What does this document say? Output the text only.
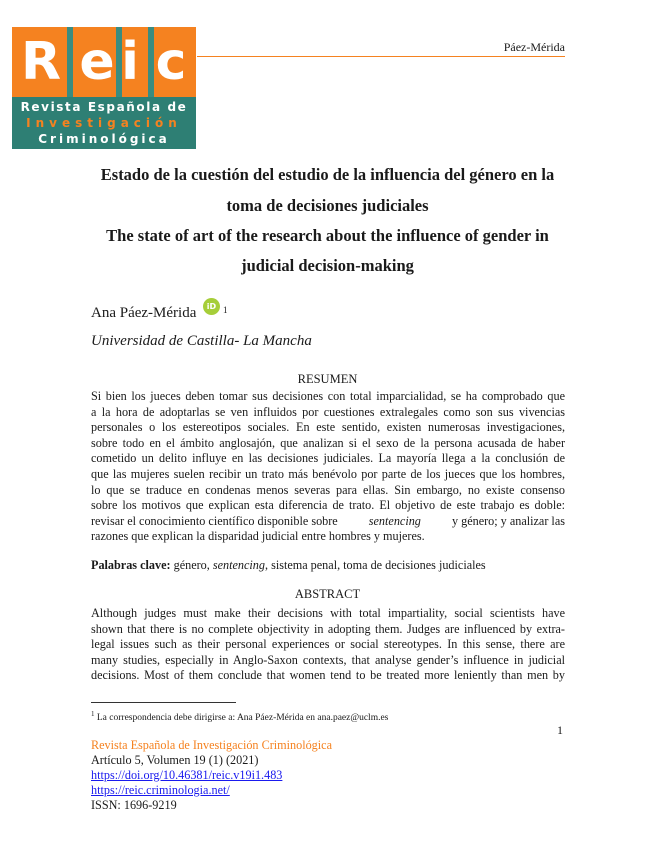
R e i c
Revista Española de
Investigación
Criminológica
Páez-Mérida
Estado de la cuestión del estudio de la influencia del género en la
toma de decisiones judiciales
The state of art of the research about the influence of gender in
judicial decision-making
Ana Páez-Mérida	iD 1
Universidad de Castilla- La Mancha
RESUMEN
Si bien los jueces deben tomar sus decisiones con total imparcialidad, se ha comprobado que
a la hora de adoptarlas se ven influidos por cuestiones extralegales como son sus vivencias
personales o los estereotipos sociales. En este sentido, existen numerosas investigaciones,
sobre todo en el ámbito anglosajón, que analizan si el sexo de la persona acusada de haber
cometido un delito influye en las decisiones judiciales. La mayoría llega a la conclusión de
que las mujeres suelen recibir un trato más benévolo por parte de los jueces que los hombres,
lo que se traduce en condenas menos severas para ellas. Sin embargo, no existe consenso
sobre los motivos que explican esta diferencia de trato. El objetivo de este trabajo es doble:
revisar el conocimiento científico disponible sobre	sentencing	y género; y analizar las
razones que explican la disparidad judicial entre hombres y mujeres.
Palabras clave: género, sentencing, sistema penal, toma de decisiones judiciales
ABSTRACT
Although judges must make their decisions with total impartiality, social scientists have
shown that there is no complete objectivity in adopting them. Judges are influenced by extra-
legal issues such as their personal experiences or social stereotypes. In this sense, there are
many studies, especially in Anglo-Saxon contexts, that analyse gender’s influence in judicial
decisions. Most of them conclude that women tend to be treated more leniently than men by
$^1$ La correspondencia debe dirigirse a: Ana Páez-Mérida en ana.paez@uclm.es
1
Revista Española de Investigación Criminológica
Artículo 5, Volumen 19 (1) (2021)
https://doi.org/10.46381/reic.v19i1.483
https://reic.criminologia.net/
ISSN: 1696-9219
